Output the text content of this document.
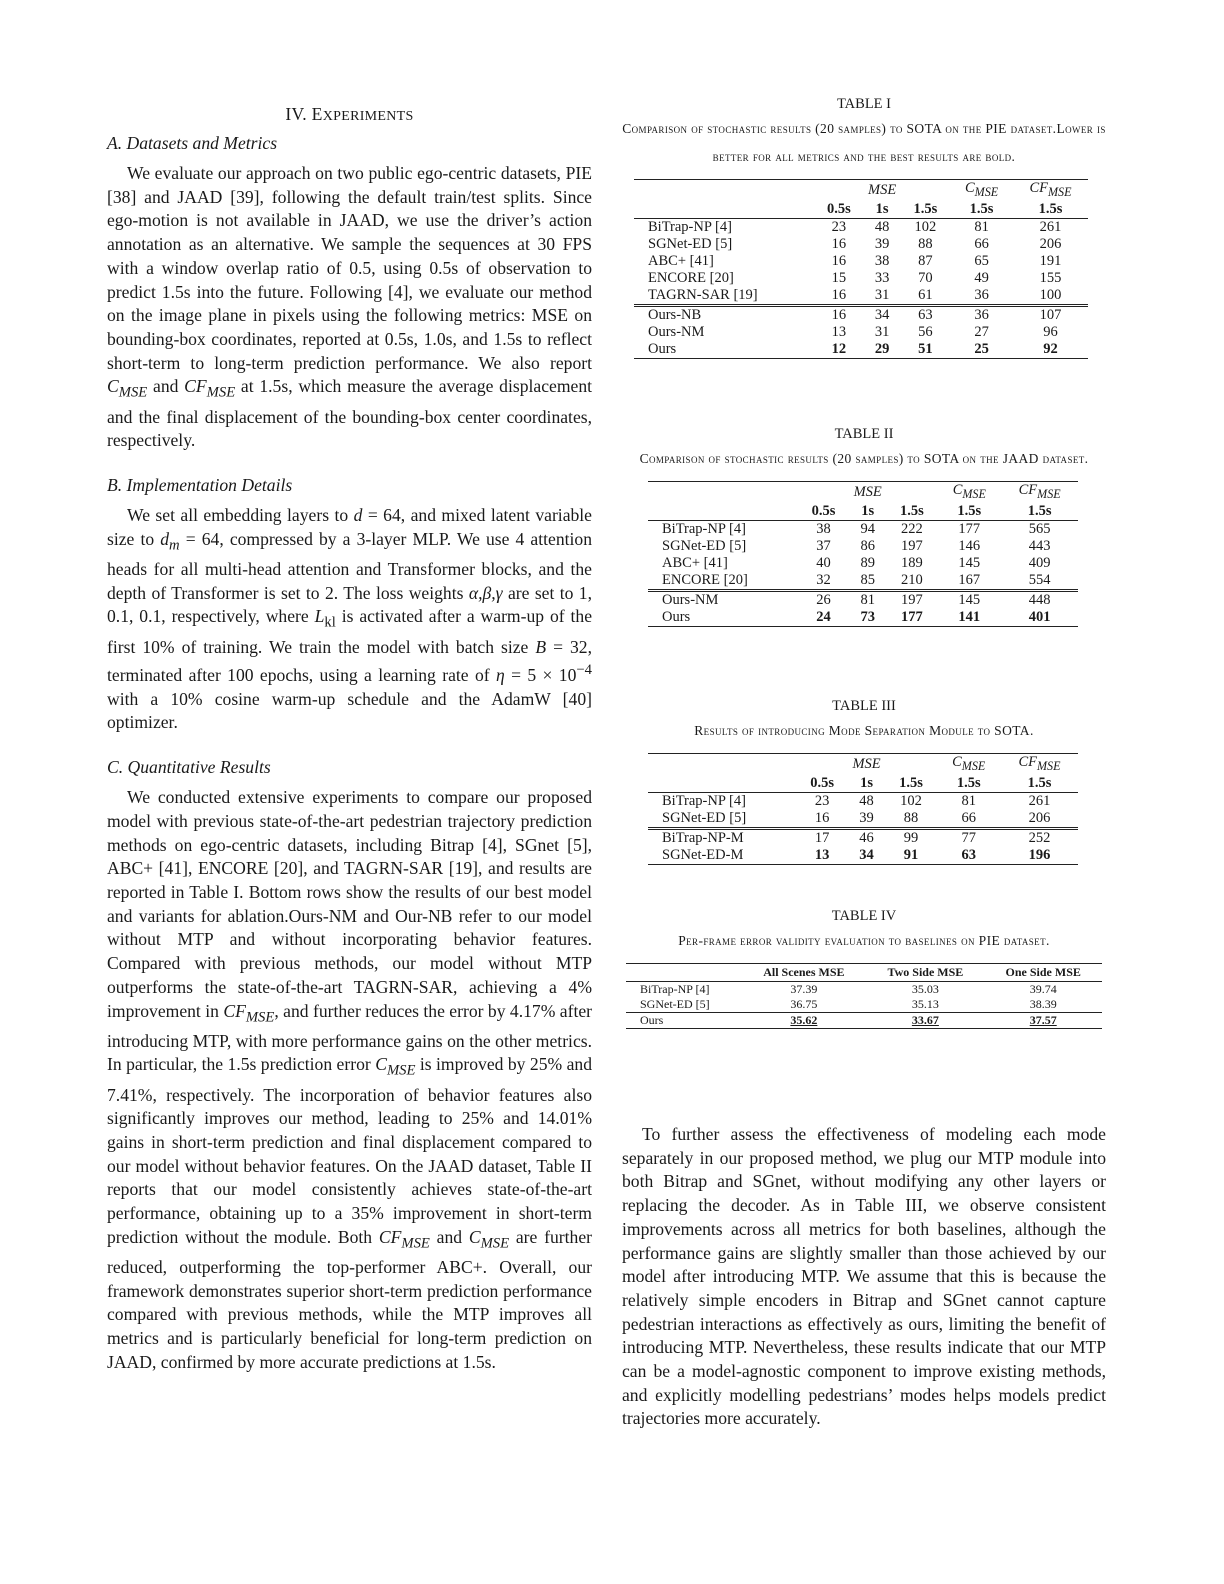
IV. EXPERIMENTS
A. Datasets and Metrics

We evaluate our approach on two public ego-centric datasets, PIE [38] and JAAD [39], following the default train/test splits. Since ego-motion is not available in JAAD, we use the driver’s action annotation as an alternative. We sample the sequences at 30 FPS with a window overlap ratio of 0.5, using 0.5s of observation to predict 1.5s into the future. Following [4], we evaluate our method on the image plane in pixels using the following metrics: MSE on bounding-box coordinates, reported at 0.5s, 1.0s, and 1.5s to reflect short-term to long-term prediction performance. We also report $C_{MSE}$ and $CF_{MSE}$ at 1.5s, which measure the average displacement and the final displacement of the bounding-box center coordinates, respectively.

B. Implementation Details

We set all embedding layers to d = 64, and mixed latent variable size to $d_m = 64$, compressed by a 3-layer MLP. We use 4 attention heads for all multi-head attention and Transformer blocks, and the depth of Transformer is set to 2. The loss weights α,β,γ are set to 1, 0.1, 0.1, respectively, where $L_{kl}$ is activated after a warm-up of the first 10% of training. We train the model with batch size B = 32, terminated after 100 epochs, using a learning rate of $\eta = 5 \times 10^{-4}$ with a 10% cosine warm-up schedule and the AdamW [40] optimizer.

C. Quantitative Results

We conducted extensive experiments to compare our proposed model with previous state-of-the-art pedestrian trajectory prediction methods on ego-centric datasets, including Bitrap [4], SGnet [5], ABC+ [41], ENCORE [20], and TAGRN-SAR [19], and results are reported in Table I. Bottom rows show the results of our best model and variants for ablation.Ours-NM and Our-NB refer to our model without MTP and without incorporating behavior features. Compared with previous methods, our model without MTP outperforms the state-of-the-art TAGRN-SAR, achieving a 4% improvement in $CF_{MSE}$, and further reduces the error by 4.17% after introducing MTP, with more performance gains on the other metrics. In particular, the 1.5s prediction error $C_{MSE}$ is improved by 25% and 7.41%, respectively. The incorporation of behavior features also significantly improves our method, leading to 25% and 14.01% gains in short-term prediction and final displacement compared to our model without behavior features. On the JAAD dataset, Table II reports that our model consistently achieves state-of-the-art performance, obtaining up to a 35% improvement in short-term prediction without the module. Both $CF_{MSE}$ and $C_{MSE}$ are further reduced, outperforming the top-performer ABC+. Overall, our framework demonstrates superior short-term prediction performance compared with previous methods, while the MTP improves all metrics and is particularly beneficial for long-term prediction on JAAD, confirmed by more accurate predictions at 1.5s.

TABLE I

Comparison of stochastic results (20 samples) to SOTA on the PIE dataset.Lower is better for all metrics and the best results are bold.

	MSE			$C_{MSE}$	$CF_{MSE}$
	0.5s	1s	1.5s	1.5s	1.5s
BiTrap-NP [4]	23	48	102	81	261
SGNet-ED [5]	16	39	88	66	206
ABC+ [41]	16	38	87	65	191
ENCORE [20]	15	33	70	49	155
TAGRN-SAR [19]	16	31	61	36	100
Ours-NB	16	34	63	36	107
Ours-NM	13	31	56	27	96
Ours	12	29	51	25	92

TABLE II

Comparison of stochastic results (20 samples) to SOTA on the JAAD dataset.

	MSE			$C_{MSE}$	$CF_{MSE}$
	0.5s	1s	1.5s	1.5s	1.5s
BiTrap-NP [4]	38	94	222	177	565
SGNet-ED [5]	37	86	197	146	443
ABC+ [41]	40	89	189	145	409
ENCORE [20]	32	85	210	167	554
Ours-NM	26	81	197	145	448
Ours	24	73	177	141	401

TABLE III

Results of introducing Mode Separation Module to SOTA.

	MSE			$C_{MSE}$	$CF_{MSE}$
	0.5s	1s	1.5s	1.5s	1.5s
BiTrap-NP [4]	23	48	102	81	261
SGNet-ED [5]	16	39	88	66	206
BiTrap-NP-M	17	46	99	77	252
SGNet-ED-M	13	34	91	63	196

TABLE IV

Per-frame error validity evaluation to baselines on PIE dataset.

	All Scenes MSE	Two Side MSE	One Side MSE
BiTrap-NP [4]	37.39	35.03	39.74
SGNet-ED [5]	36.75	35.13	38.39
Ours	35.62	33.67	37.57

To further assess the effectiveness of modeling each mode separately in our proposed method, we plug our MTP module into both Bitrap and SGnet, without modifying any other layers or replacing the decoder. As in Table III, we observe consistent improvements across all metrics for both baselines, although the performance gains are slightly smaller than those achieved by our model after introducing MTP. We assume that this is because the relatively simple encoders in Bitrap and SGnet cannot capture pedestrian interactions as effectively as ours, limiting the benefit of introducing MTP. Nevertheless, these results indicate that our MTP can be a model-agnostic component to improve existing methods, and explicitly modelling pedestrians’ modes helps models predict trajectories more accurately.
